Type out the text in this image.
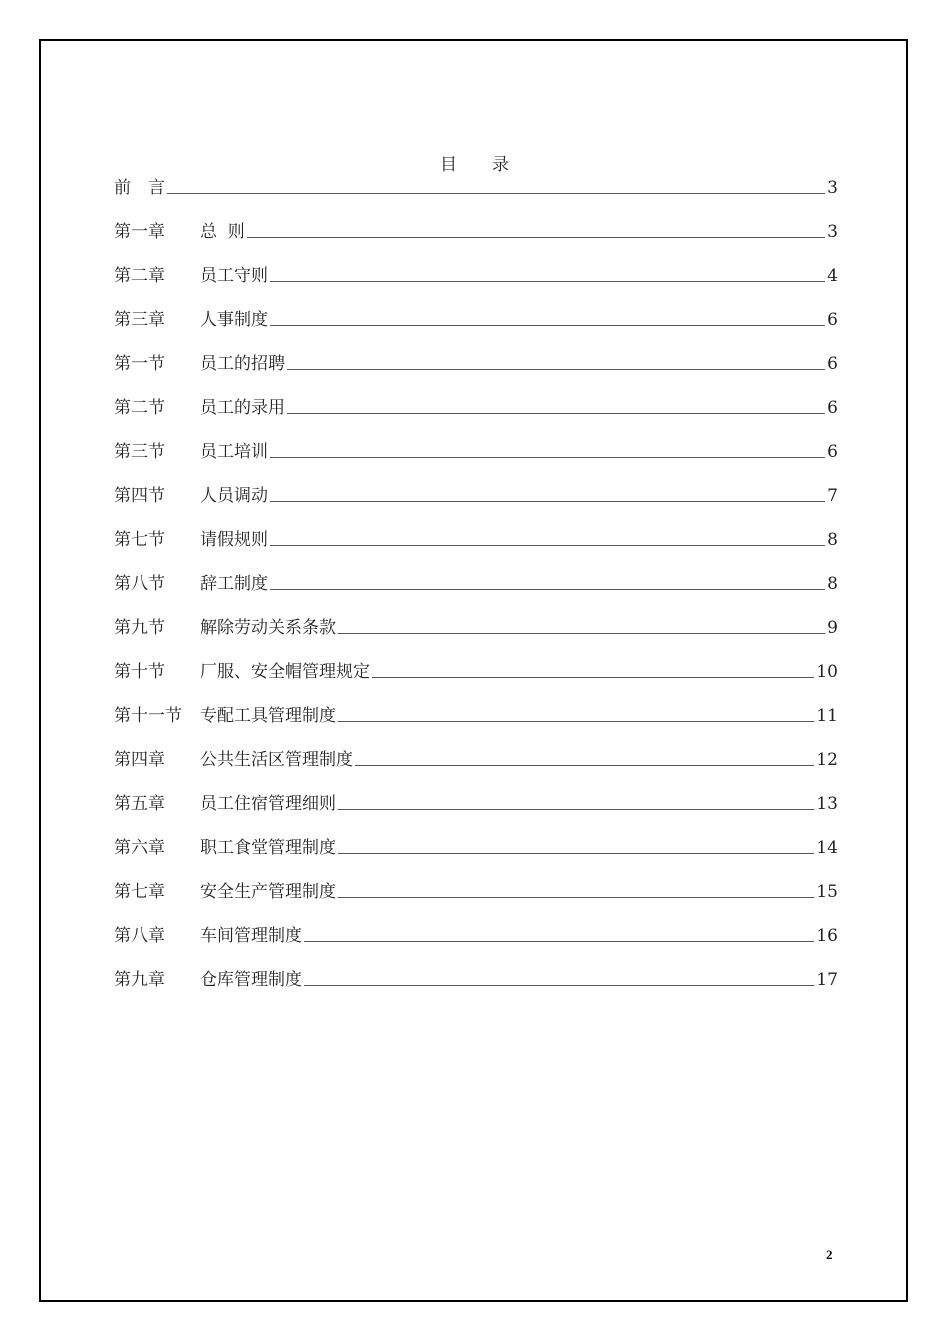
目 录
前　言	3
第一章	总  则	3
第二章	员工守则	4
第三章	人事制度	6
第一节	员工的招聘	6
第二节	员工的录用	6
第三节	员工培训	6
第四节	人员调动	7
第七节	请假规则	8
第八节	辞工制度	8
第九节	解除劳动关系条款	9
第十节	厂服、安全帽管理规定	10
第十一节	专配工具管理制度	11
第四章	公共生活区管理制度	12
第五章	员工住宿管理细则	13
第六章	职工食堂管理制度	14
第七章	安全生产管理制度	15
第八章	车间管理制度	16
第九章	仓库管理制度	17
2
